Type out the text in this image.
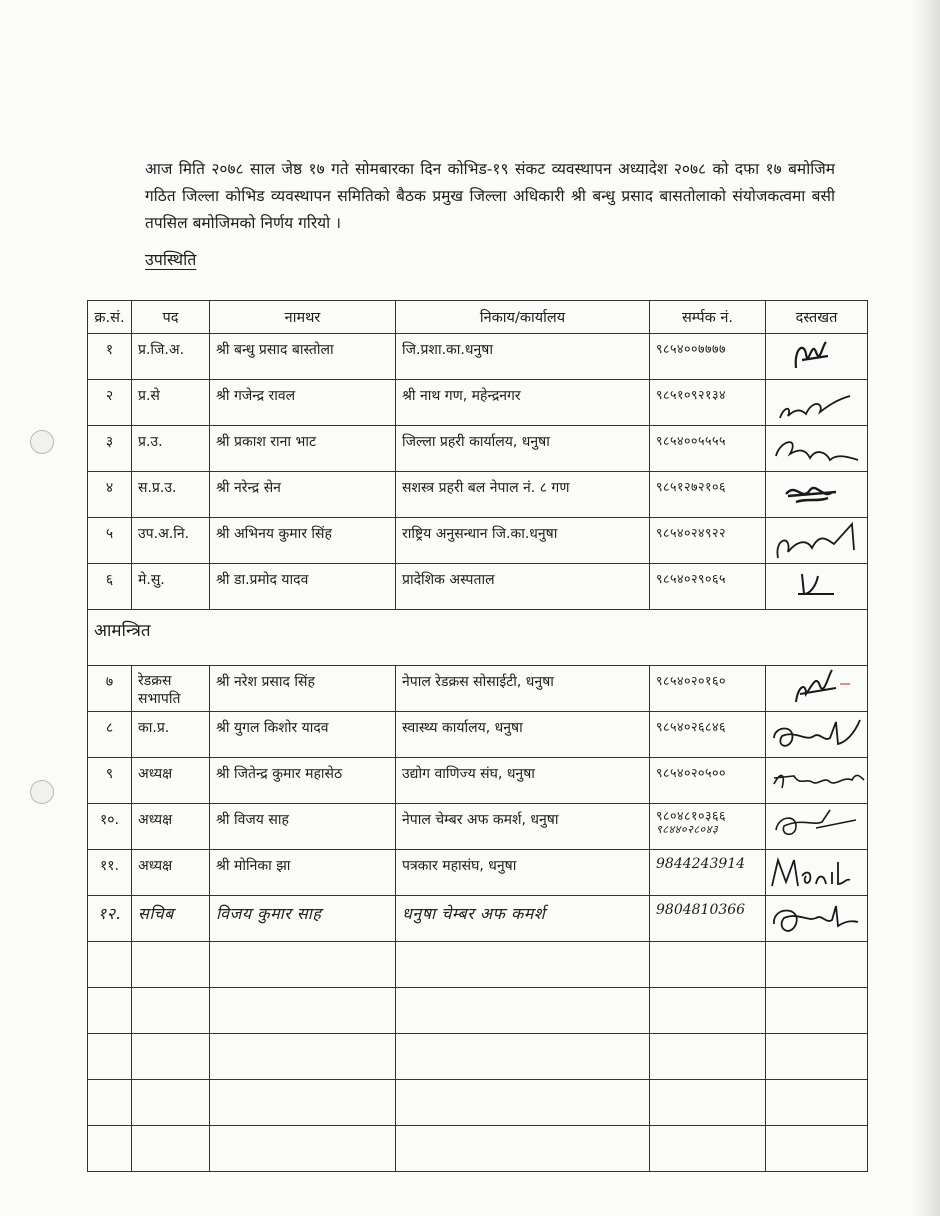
आज मिति २०७८ साल जेष्ठ १७ गते सोमबारका दिन कोभिड-१९ संकट व्यवस्थापन अध्यादेश २०७८ को दफा १७ बमोजिम गठित जिल्ला कोभिड व्यवस्थापन समितिको बैठक प्रमुख जिल्ला अधिकारी श्री बन्धु प्रसाद बासतोलाको संयोजकत्वमा बसी तपसिल बमोजिमको निर्णय गरियो ।

उपस्थिति
क्र.सं.	पद	नामथर	निकाय/कार्यालय	सर्म्पक नं.	दस्तखत
१	प्र.जि.अ.	श्री बन्धु प्रसाद बास्तोला	जि.प्रशा.का.धनुषा	९८५४००७७७७	

२	प्र.से	श्री गजेन्द्र रावल	श्री नाथ गण, महेन्द्रनगर	९८५१०९२१३४	

३	प्र.उ.	श्री प्रकाश राना भाट	जिल्ला प्रहरी कार्यालय, धनुषा	९८५४००५५५५	

४	स.प्र.उ.	श्री नरेन्द्र सेन	सशस्त्र प्रहरी बल नेपाल नं. ८ गण	९८५१२७२१०६	

५	उप.अ.नि.	श्री अभिनय कुमार सिंह	राष्ट्रिय अनुसन्धान जि.का.धनुषा	९८५४०२४९२२	

६	मे.सु.	श्री डा.प्रमोद यादव	प्रादेशिक अस्पताल	९८५४०२९०६५	

आमन्त्रित					
७	रेडक्रस सभापति	श्री नरेश प्रसाद सिंह	नेपाल रेडक्रस सोसाईटी, धनुषा	९८५४०२०१६०	

८	का.प्र.	श्री युगल किशोर यादव	स्वास्थ्य कार्यालय, धनुषा	९८५४०२६८४६	

९	अध्यक्ष	श्री जितेन्द्र कुमार महासेठ	उद्योग वाणिज्य संघ, धनुषा	९८५४०२०५००	

१०.	अध्यक्ष	श्री विजय साह	नेपाल चेम्बर अफ कमर्श, धनुषा	९८०४८१०३६६
९८४४०२८०४३

११.	अध्यक्ष	श्री मोनिका झा	पत्रकार महासंघ, धनुषा	9844243914	

१२.	सचिब	विजय कुमार साह	धनुषा चेम्बर अफ कमर्श	9804810366	
